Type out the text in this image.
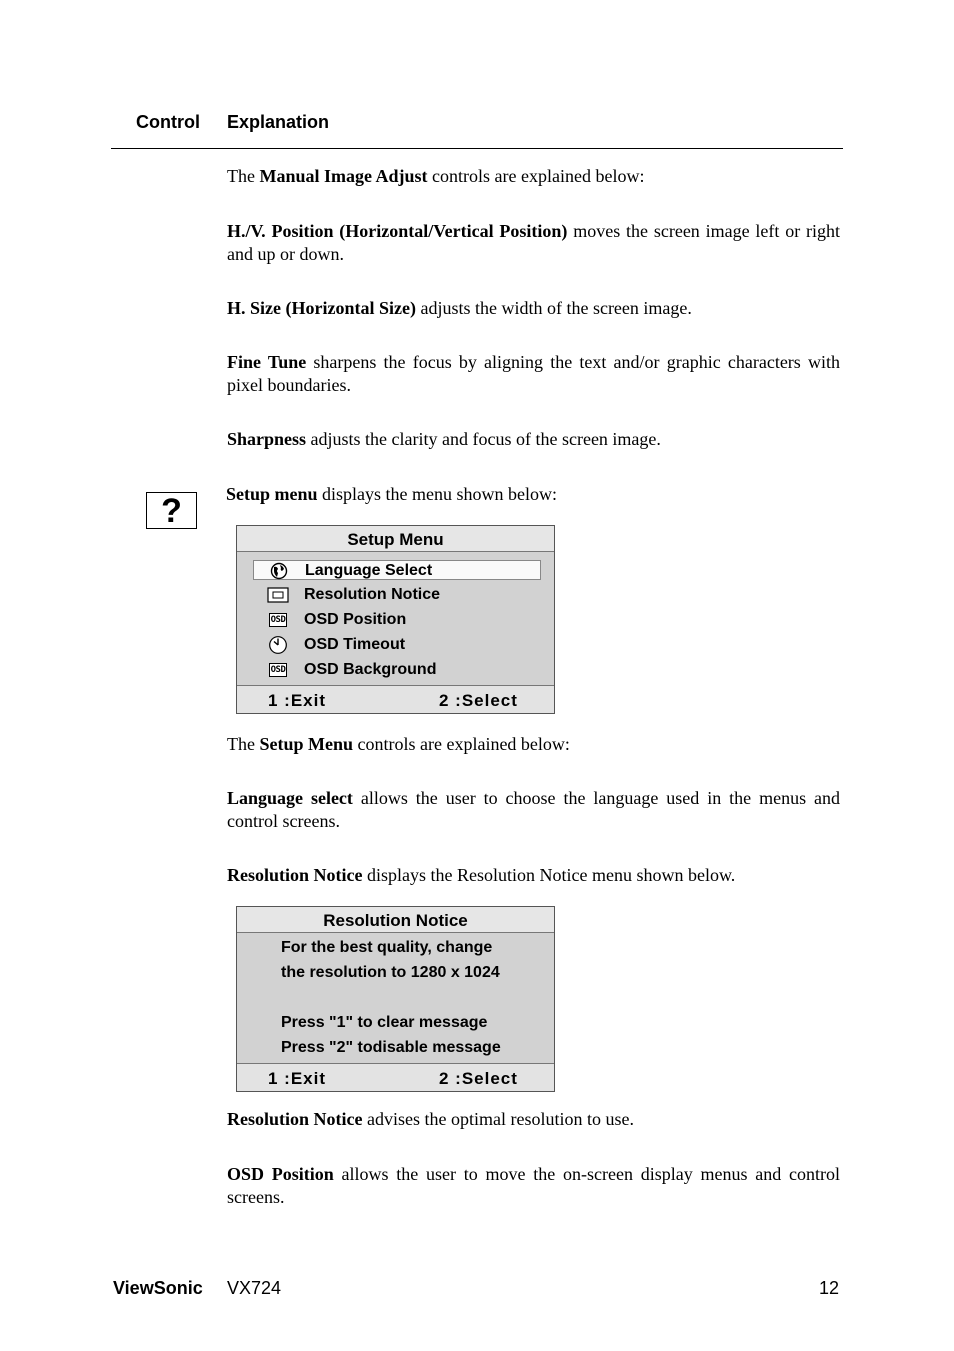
Control Explanation
The Manual Image Adjust controls are explained below:
H./V. Position (Horizontal/Vertical Position) moves the screen image left or right and up or down.
H. Size (Horizontal Size) adjusts the width of the screen image.
Fine Tune sharpens the focus by aligning the text and/or graphic characters with pixel boundaries.
Sharpness adjusts the clarity and focus of the screen image.
? Setup menu displays the menu shown below:
Setup Menu
Language Select
Resolution Notice
OSD OSD Position
OSD Timeout
OSD OSD Background
1 :Exit	2 :Select
The Setup Menu controls are explained below:
Language select allows the user to choose the language used in the menus and control screens.
Resolution Notice displays the Resolution Notice menu shown below.
Resolution Notice
For the best quality, change
the resolution to 1280 x 1024
Press "1" to clear message
Press "2" todisable message
1 :Exit	2 :Select
Resolution Notice advises the optimal resolution to use.
OSD Position allows the user to move the on-screen display menus and control screens.
ViewSonic VX724	12
